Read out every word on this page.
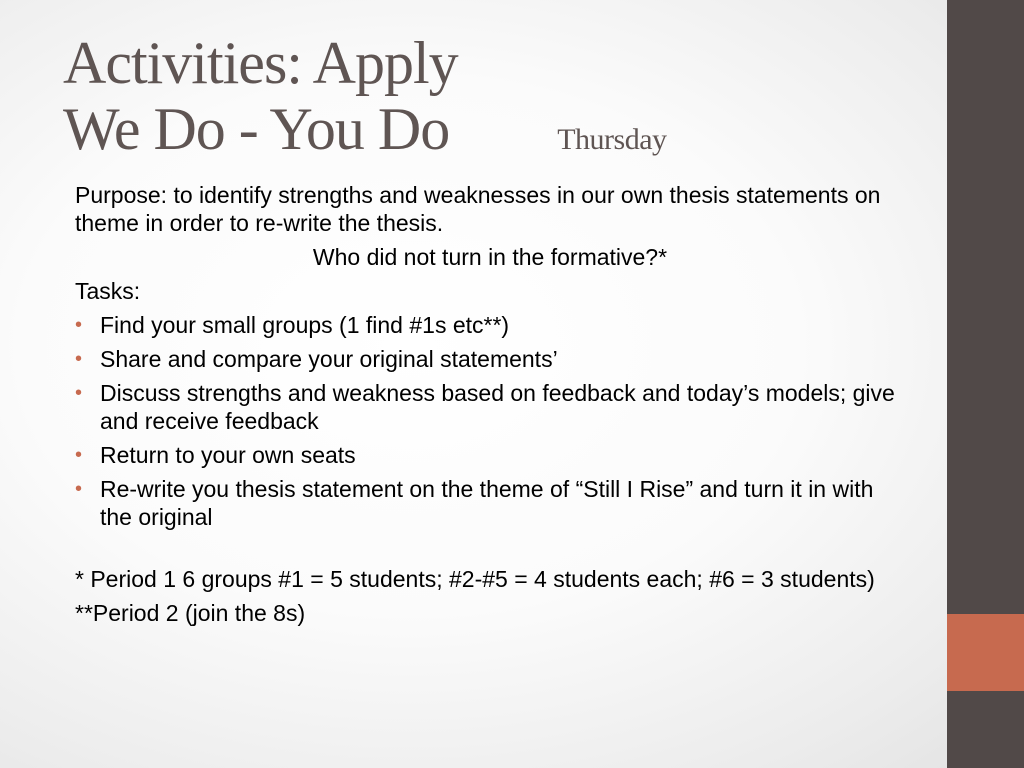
Activities: Apply
We Do - You Do	Thursday
Purpose: to identify strengths and weaknesses in our own thesis statements on theme in order to re-write the thesis.
Who did not turn in the formative?*
Tasks:
• Find your small groups (1 find #1s etc**)
• Share and compare your original statements’
• Discuss strengths and weakness based on feedback and today’s models; give and receive feedback
• Return to your own seats
• Re-write you thesis statement on the theme of “Still I Rise” and turn it in with the original
* Period 1 6 groups #1 = 5 students; #2-#5 = 4 students each; #6 = 3 students)
**Period 2 (join the 8s)
